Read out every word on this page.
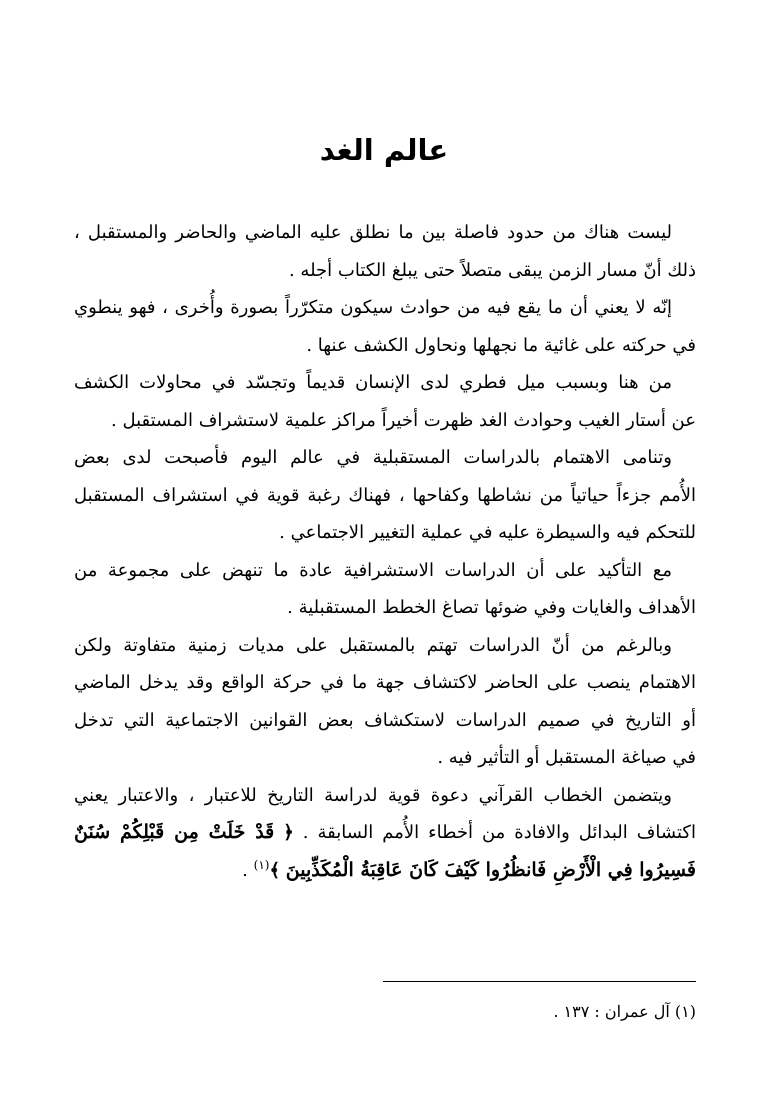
عالم الغد
ليست هناك من حدود فاصلة بين ما نطلق عليه الماضي والحاضر والمستقبل ،
ذلك أنّ مسار الزمن يبقى متصلاً حتى يبلغ الكتاب أجله .
إنّه لا يعني أن ما يقع فيه من حوادث سيكون متكرّراً بصورة وأُخرى ، فهو ينطوي
في حركته على غائية ما نجهلها ونحاول الكشف عنها .
من هنا وبسبب ميل فطري لدى الإنسان قديماً وتجسّد في محاولات الكشف
عن أستار الغيب وحوادث الغد ظهرت أخيراً مراكز علمية لاستشراف المستقبل .
وتنامى الاهتمام بالدراسات المستقبلية في عالم اليوم فأصبحت لدى بعض
الأُمم جزءاً حياتياً من نشاطها وكفاحها ، فهناك رغبة قوية في استشراف المستقبل
للتحكم فيه والسيطرة عليه في عملية التغيير الاجتماعي .
مع التأكيد على أن الدراسات الاستشرافية عادة ما تنهض على مجموعة من
الأهداف والغايات وفي ضوئها تصاغ الخطط المستقبلية .
وبالرغم من أنّ الدراسات تهتم بالمستقبل على مديات زمنية متفاوتة ولكن
الاهتمام ينصب على الحاضر لاكتشاف جهة ما في حركة الواقع وقد يدخل الماضي
أو التاريخ في صميم الدراسات لاستكشاف بعض القوانين الاجتماعية التي تدخل
في صياغة المستقبل أو التأثير فيه .
ويتضمن الخطاب القرآني دعوة قوية لدراسة التاريخ للاعتبار ، والاعتبار يعني
اكتشاف البدائل والافادة من أخطاء الأُمم السابقة . ﴿ قَدْ خَلَتْ مِن قَبْلِكُمْ سُنَنٌ
فَسِيرُوا فِي الْأَرْضِ فَانظُرُوا كَيْفَ كَانَ عَاقِبَةُ الْمُكَذِّبِينَ ﴾$^{(١)}$ .
(١) آل عمران : ١٣٧ .
